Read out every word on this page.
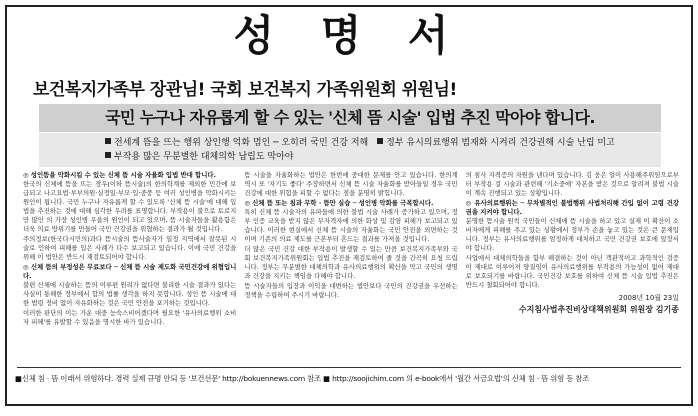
성 명 서
보건복지가족부 장관님! 국회 보건복지 가족위원회 위원님!
국민 누구나 자유롭게 할 수 있는 '신체 뜸 시술' 입법 추진 막아야 합니다.
전세계 뜸을 뜨는 행위 상인행 억화 멈인 ─ 오히려 국민 건강 저해 정부 유시의료행위 범재화 시켜리 건강권해 시술 난립 미고
부작용 많은 무분별한 대체의학 남립도 막아야

◎ 성인뜸을 악화시킬 수 있는 신체 뜸 시술 자율화 입법 반대 합니다.
한국의 신체에 뜸을 뜨는 경우(이하 뜸시술)의 한의학계를 제외한 민간에 보급되고 나고요법·부부의원·실정일·부모·입·중풍 등 여러 성인병을 악화시키는 원인이 됩니다. 국민 누구나 자유롭게 할 수 있도록 '신체 뜸 시술'에 대해 입법을 추진하는 것에 대해 심각한 우려를 표명합니다. 부작용이 불으로 토로지만 많인 의 가장 성인병 우울의 원인이 되고 있으며, 뜸 시술자들을 활용함은 더욱 의료 방위기를 만들어 국민 건강권을 위협하는 결과가 될 것입니다.

주의정보(한국다시민의)과다 뜸시술의 뜸사술자가 일정 지역에서 잘못된 시술로 인하여 피해를 입은 사례가 다수 보고되고 있습니다. 이에 국민 건강을 위해 이 법안은 반드시 재검토되어야 합니다.

◎ 신체 뜸의 부정성은 무료보다 ─ 신체 뜸 시술 제도화 국민건강에 위협입니다.
불편 신체에 시술하는 뜸의 이루편 원리가 없다면 불리한 시술 결과가 있다는 사실이 통해한 정부에서 합의 법률 생각을 하지 못합니다. 성인 뜸 시술에 대한 법령 정비 없이 자유화하는 것은 국민 안전을 포기하는 것입니다.

이러한 판단의 이는 가운 대중 능숙스비어겠다며 필요한 '유사의료행위 소비자 피해'를 유발할 수 있음을 명시한 바가 있습니다.

뜸 시술을 자율화하는 법안은 한번에 중대한 문제를 안고 있습니다. 한의계 역시 또 '자기도 좋다' 주장하면서 신체 뜸 시술 자율화를 받아들일 경우 국민건강에 대한 위험을 피할 수 없다는 점을 분명히 밝힙니다.

◎ 신체 뜸 또는 침과 무학 · 뜸만 실습 ─ 성인병 악화를 극복합시다.
특히 신체 뜸 시술자의 유파들에 의한 불법 시술 사례가 증가하고 있으며, 정부 인증 교육을 받지 않은 무자격자에 의한 화상 및 감염 피해가 보고되고 있습니다. 이러한 현실에서 신체 뜸 시술의 자율화는 국민 안전을 외면하는 것이며 기존의 의료 제도를 근본부터 흔드는 결과를 가져올 것입니다.

더 많은 국민 건강 대한 부작용이 발생할 수 있는 만큼 보건복지가족부와 국회 보건복지가족위원회는 입법 추진을 재검토하여 줄 것을 간곡히 요청 드립니다. 정부는 무분별한 대체의학과 유사의료행위의 확산을 막고 국민의 생명과 건강을 지키는 책임을 다해야 합니다.

뜸 시술자들의 입장과 이익을 대변하는 법안보다 국민의 건강권을 우선하는 정책을 수립하여 주시기 바랍니다.

의 침사 자격증의 자원을 낸다며 있습니다. 김 웅은 얼이 사용해주위임으로부터 부작용 걸 시술과 관련해 '기소중에' 자본을 받은 것으로 알려져 불법 시술이 계속 진행되고 있는 상황입니다.

◎ 유사의료행위는 ─ 무차별적인 불법행위 사법처리해 간입 없이 고령 건강권을 지켜야 합니다.
분명한 뜸시술 원칙 국민들이 신체에 뜸 시술을 하고 있고 실제 이 확산이 소비자에게 피해를 주고 있는 상황에서 정부가 손을 놓고 있는 것은 큰 문제입니다. 정부는 유사의료행위를 엄정하게 대처하고 국민 건강권 보호에 앞장서야 합니다.

사업에서 대체의학들을 함부 해결하는 것이 아닌 객관적이고 과학적인 검증이 제대로 이루어져 양질임이 유사의료행위를 부작용의 가능성이 없어 제대로 보호되기를 바랍니다. 국민건강 보호를 위하여 신체 뜸 시술 입법 추진은 반드시 철회되어야 합니다.

2008년 10월 23일
수지침사법추진비상대책위원회 위원장 김기종
■신체 침 · 뜸 이래서 위험하다. 경력 실제 규명 안되 등 '보건선문' http://bokuennews.com 참조 ■ http://soojichim.com 의 e-book에서 '월간 서금요법'의 신체 침 · 뜸 위험 등 참조
